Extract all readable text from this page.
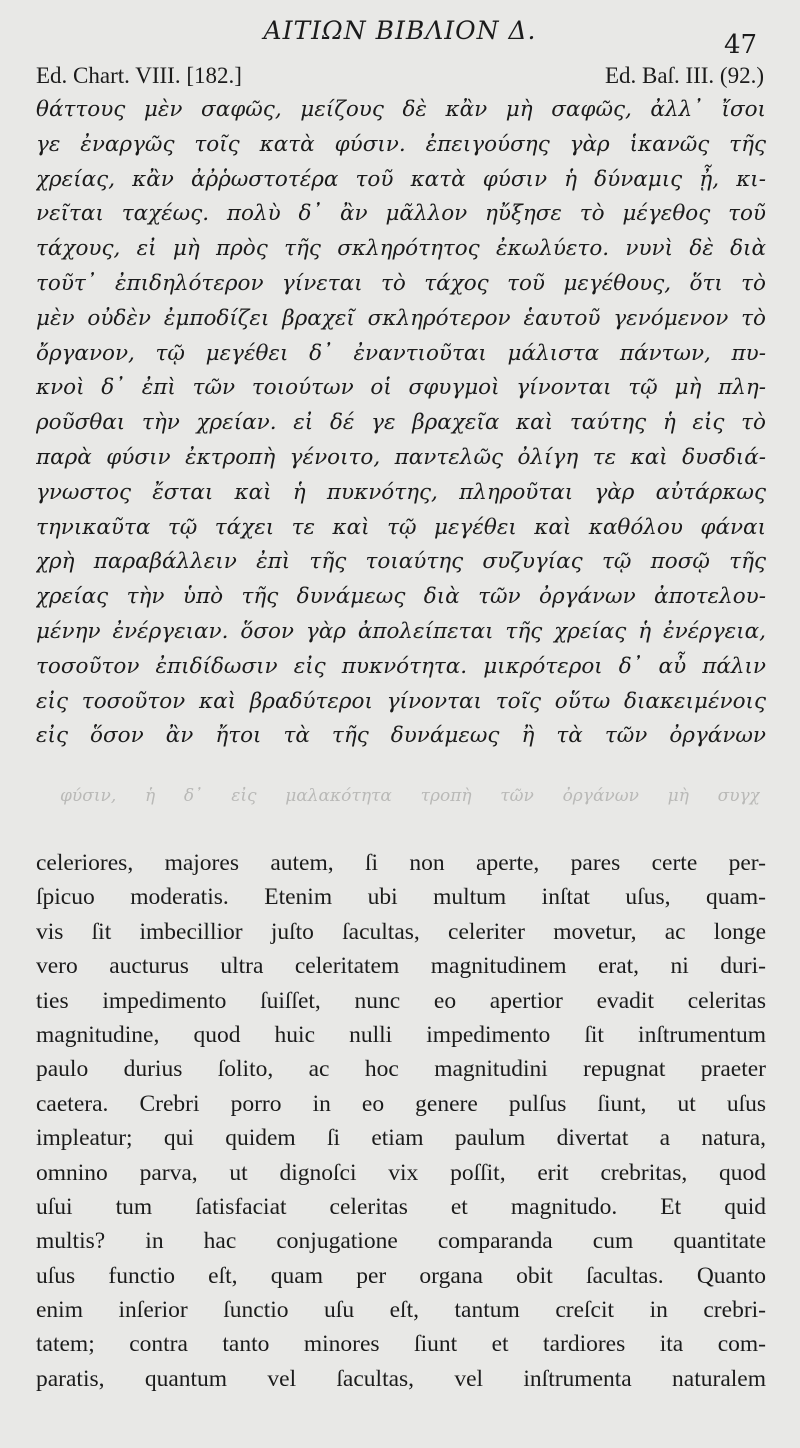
ΑΙΤΙΩΝ ΒΙΒΛΙΟΝ Δ.	47
Ed. Chart. VIII. [182.]	Ed. Baſ. III. (92.)
θάττους μὲν σαφῶς, μείζους δὲ κἂν μὴ σαφῶς, ἀλλ᾽ ἴσοι
γε ἐναργῶς τοῖς κατὰ φύσιν. ἐπειγούσης γὰρ ἱκανῶς τῆς
χρείας, κἂν ἀῤῥωστοτέρα τοῦ κατὰ φύσιν ἡ δύναμις ᾖ, κι-
νεῖται ταχέως. πολὺ δ᾽ ἂν μᾶλλον ηὔξησε τὸ μέγεθος τοῦ
τάχους, εἰ μὴ πρὸς τῆς σκληρότητος ἐκωλύετο. νυνὶ δὲ διὰ
τοῦτ᾽ ἐπιδηλότερον γίνεται τὸ τάχος τοῦ μεγέθους, ὅτι τὸ
μὲν οὐδὲν ἐμποδίζει βραχεῖ σκληρότερον ἑαυτοῦ γενόμενον τὸ
ὄργανον, τῷ μεγέθει δ᾽ ἐναντιοῦται μάλιστα πάντων, πυ-
κνοὶ δ᾽ ἐπὶ τῶν τοιούτων οἱ σφυγμοὶ γίνονται τῷ μὴ πλη-
ροῦσθαι τὴν χρείαν. εἰ δέ γε βραχεῖα καὶ ταύτης ἡ εἰς τὸ
παρὰ φύσιν ἐκτροπὴ γένοιτο, παντελῶς ὀλίγη τε καὶ δυσδιά-
γνωστος ἔσται καὶ ἡ πυκνότης, πληροῦται γὰρ αὐτάρκως
τηνικαῦτα τῷ τάχει τε καὶ τῷ μεγέθει καὶ καθόλου φάναι
χρὴ παραβάλλειν ἐπὶ τῆς τοιαύτης συζυγίας τῷ ποσῷ τῆς
χρείας τὴν ὑπὸ τῆς δυνάμεως διὰ τῶν ὀργάνων ἀποτελου-
μένην ἐνέργειαν. ὅσον γὰρ ἀπολείπεται τῆς χρείας ἡ ἐνέργεια,
τοσοῦτον ἐπιδίδωσιν εἰς πυκνότητα. μικρότεροι δ᾽ αὖ πάλιν
εἰς τοσοῦτον καὶ βραδύτεροι γίνονται τοῖς οὕτω διακειμένοις
εἰς ὅσον ἂν ἤτοι τὰ τῆς δυνάμεως ἢ τὰ τῶν ὀργάνων
φύσιν, ἡ δ᾽ εἰς μαλακότητα τροπὴ τῶν ὀργάνων μὴ συγχ
celeriores, majores autem, ſi non aperte, pares certe per-
ſpicuo moderatis. Etenim ubi multum inſtat uſus, quam-
vis ſit imbecillior juſto ſacultas, celeriter movetur, ac longe
vero aucturus ultra celeritatem magnitudinem erat, ni duri-
ties impedimento ſuiſſet, nunc eo apertior evadit celeritas
magnitudine, quod huic nulli impedimento ſit inſtrumentum
paulo durius ſolito, ac hoc magnitudini repugnat praeter
caetera. Crebri porro in eo genere pulſus ſiunt, ut uſus
impleatur; qui quidem ſi etiam paulum divertat a natura,
omnino parva, ut dignoſci vix poſſit, erit crebritas, quod
uſui tum ſatisfaciat celeritas et magnitudo. Et quid
multis? in hac conjugatione comparanda cum quantitate
uſus functio eſt, quam per organa obit ſacultas. Quanto
enim inſerior ſunctio uſu eſt, tantum creſcit in crebri-
tatem; contra tanto minores ſiunt et tardiores ita com-
paratis, quantum vel ſacultas, vel inſtrumenta naturalem
